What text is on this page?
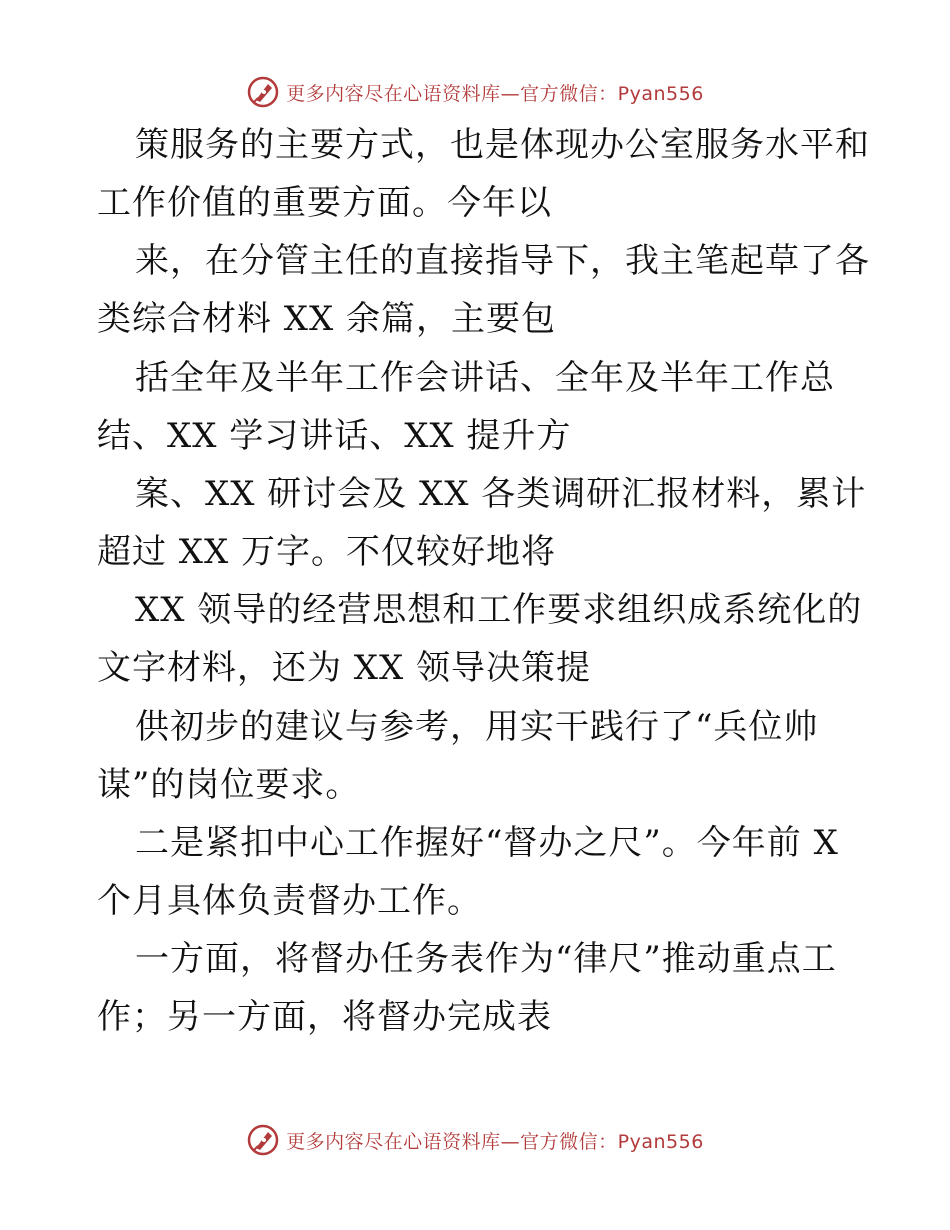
更多内容尽在心语资料库—官方微信：Pyan556
策服务的主要方式，也是体现办公室服务水平和
工作价值的重要方面。今年以
来，在分管主任的直接指导下，我主笔起草了各
类综合材料 XX 余篇，主要包
括全年及半年工作会讲话、全年及半年工作总
结、XX 学习讲话、XX 提升方
案、XX 研讨会及 XX 各类调研汇报材料，累计
超过 XX 万字。不仅较好地将
XX 领导的经营思想和工作要求组织成系统化的
文字材料，还为 XX 领导决策提
供初步的建议与参考，用实干践行了“兵位帅
谋”的岗位要求。
二是紧扣中心工作握好“督办之尺”。今年前 X
个月具体负责督办工作。
一方面，将督办任务表作为“律尺”推动重点工
作；另一方面，将督办完成表
更多内容尽在心语资料库—官方微信：Pyan556
